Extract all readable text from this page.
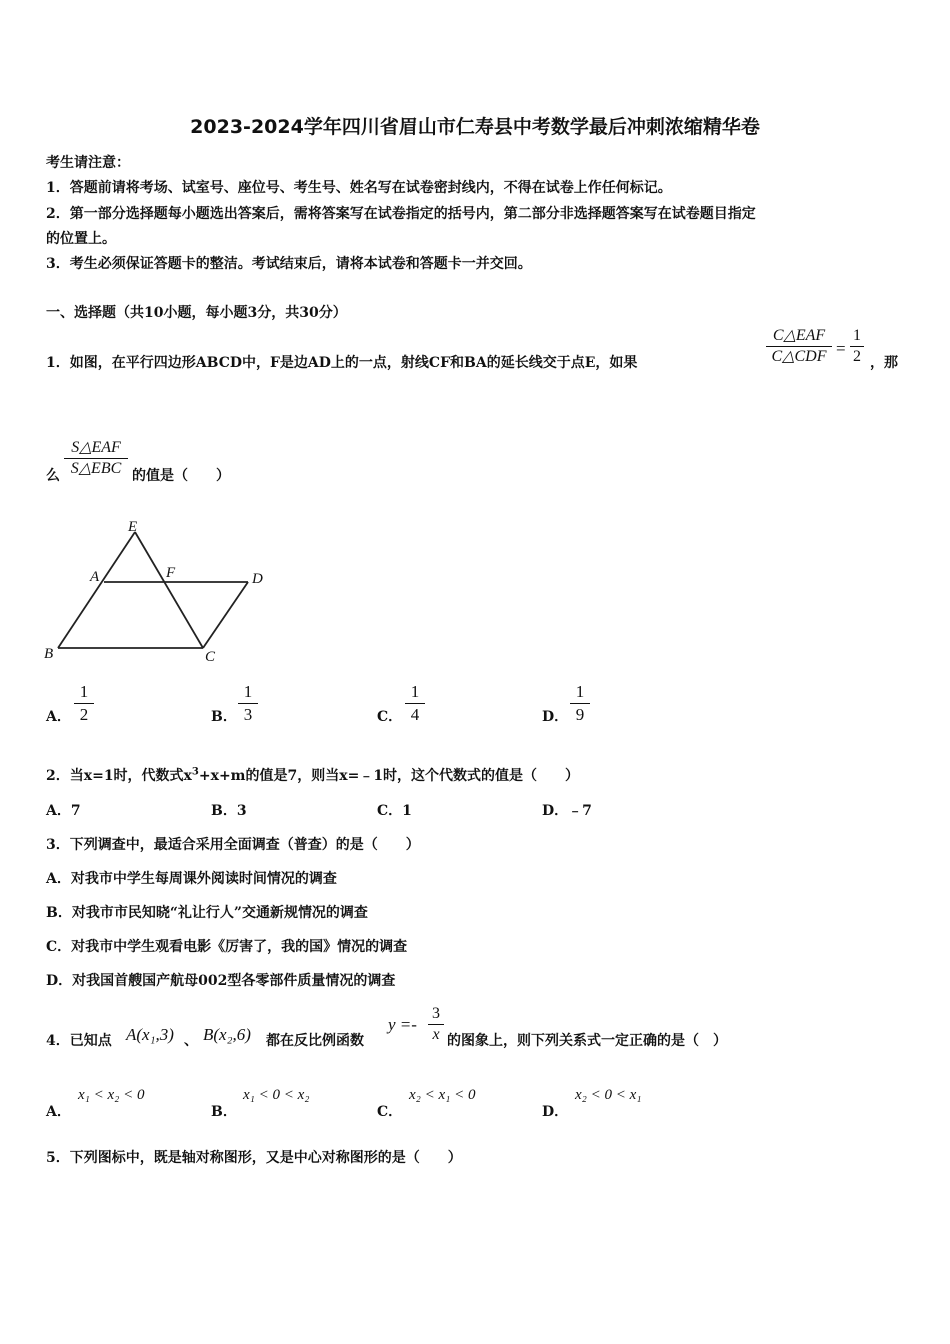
2023-2024学年四川省眉山市仁寿县中考数学最后冲刺浓缩精华卷
考生请注意：
1．答题前请将考场、试室号、座位号、考生号、姓名写在试卷密封线内，不得在试卷上作任何标记。
2．第一部分选择题每小题选出答案后，需将答案写在试卷指定的括号内，第二部分非选择题答案写在试卷题目指定
的位置上。
3．考生必须保证答题卡的整洁。考试结束后，请将本试卷和答题卡一并交回。
一、选择题（共10小题，每小题3分，共30分）
1．如图，在平行四边形ABCD中，F是边AD上的一点，射线CF和BA的延长线交于点E，如果
C△EAF
C△CDF =
1
2 ，那
么
S△EAF
S△EBC 的值是（　　）
E
A	F	D
B	C
A．
1
2	B．
1
3	C．
1
4	D．
1
9
2．当x=1时，代数式$x^3+x+m$的值是7，则当x=﹣1时，这个代数式的值是（　　）
A．7	B．3	C．1	D．﹣7
3．下列调查中，最适合采用全面调查（普查）的是（　　）
A．对我市中学生每周课外阅读时间情况的调查
B．对我市市民知晓“礼让行人”交通新规情况的调查
C．对我市中学生观看电影《厉害了，我的国》情况的调查
D．对我国首艘国产航母002型各零部件质量情况的调查
4．已知点 A(x₁,3) 、 B(x₂,6) 都在反比例函数
y =-
3
x 的图象上，则下列关系式一定正确的是（　）
A．
x₁ < x₂ < 0
B．
x₁ < 0 < x₂
C．
x₂ < x₁ < 0
D．
x₂ < 0 < x₁
5．下列图标中，既是轴对称图形，又是中心对称图形的是（　　）
